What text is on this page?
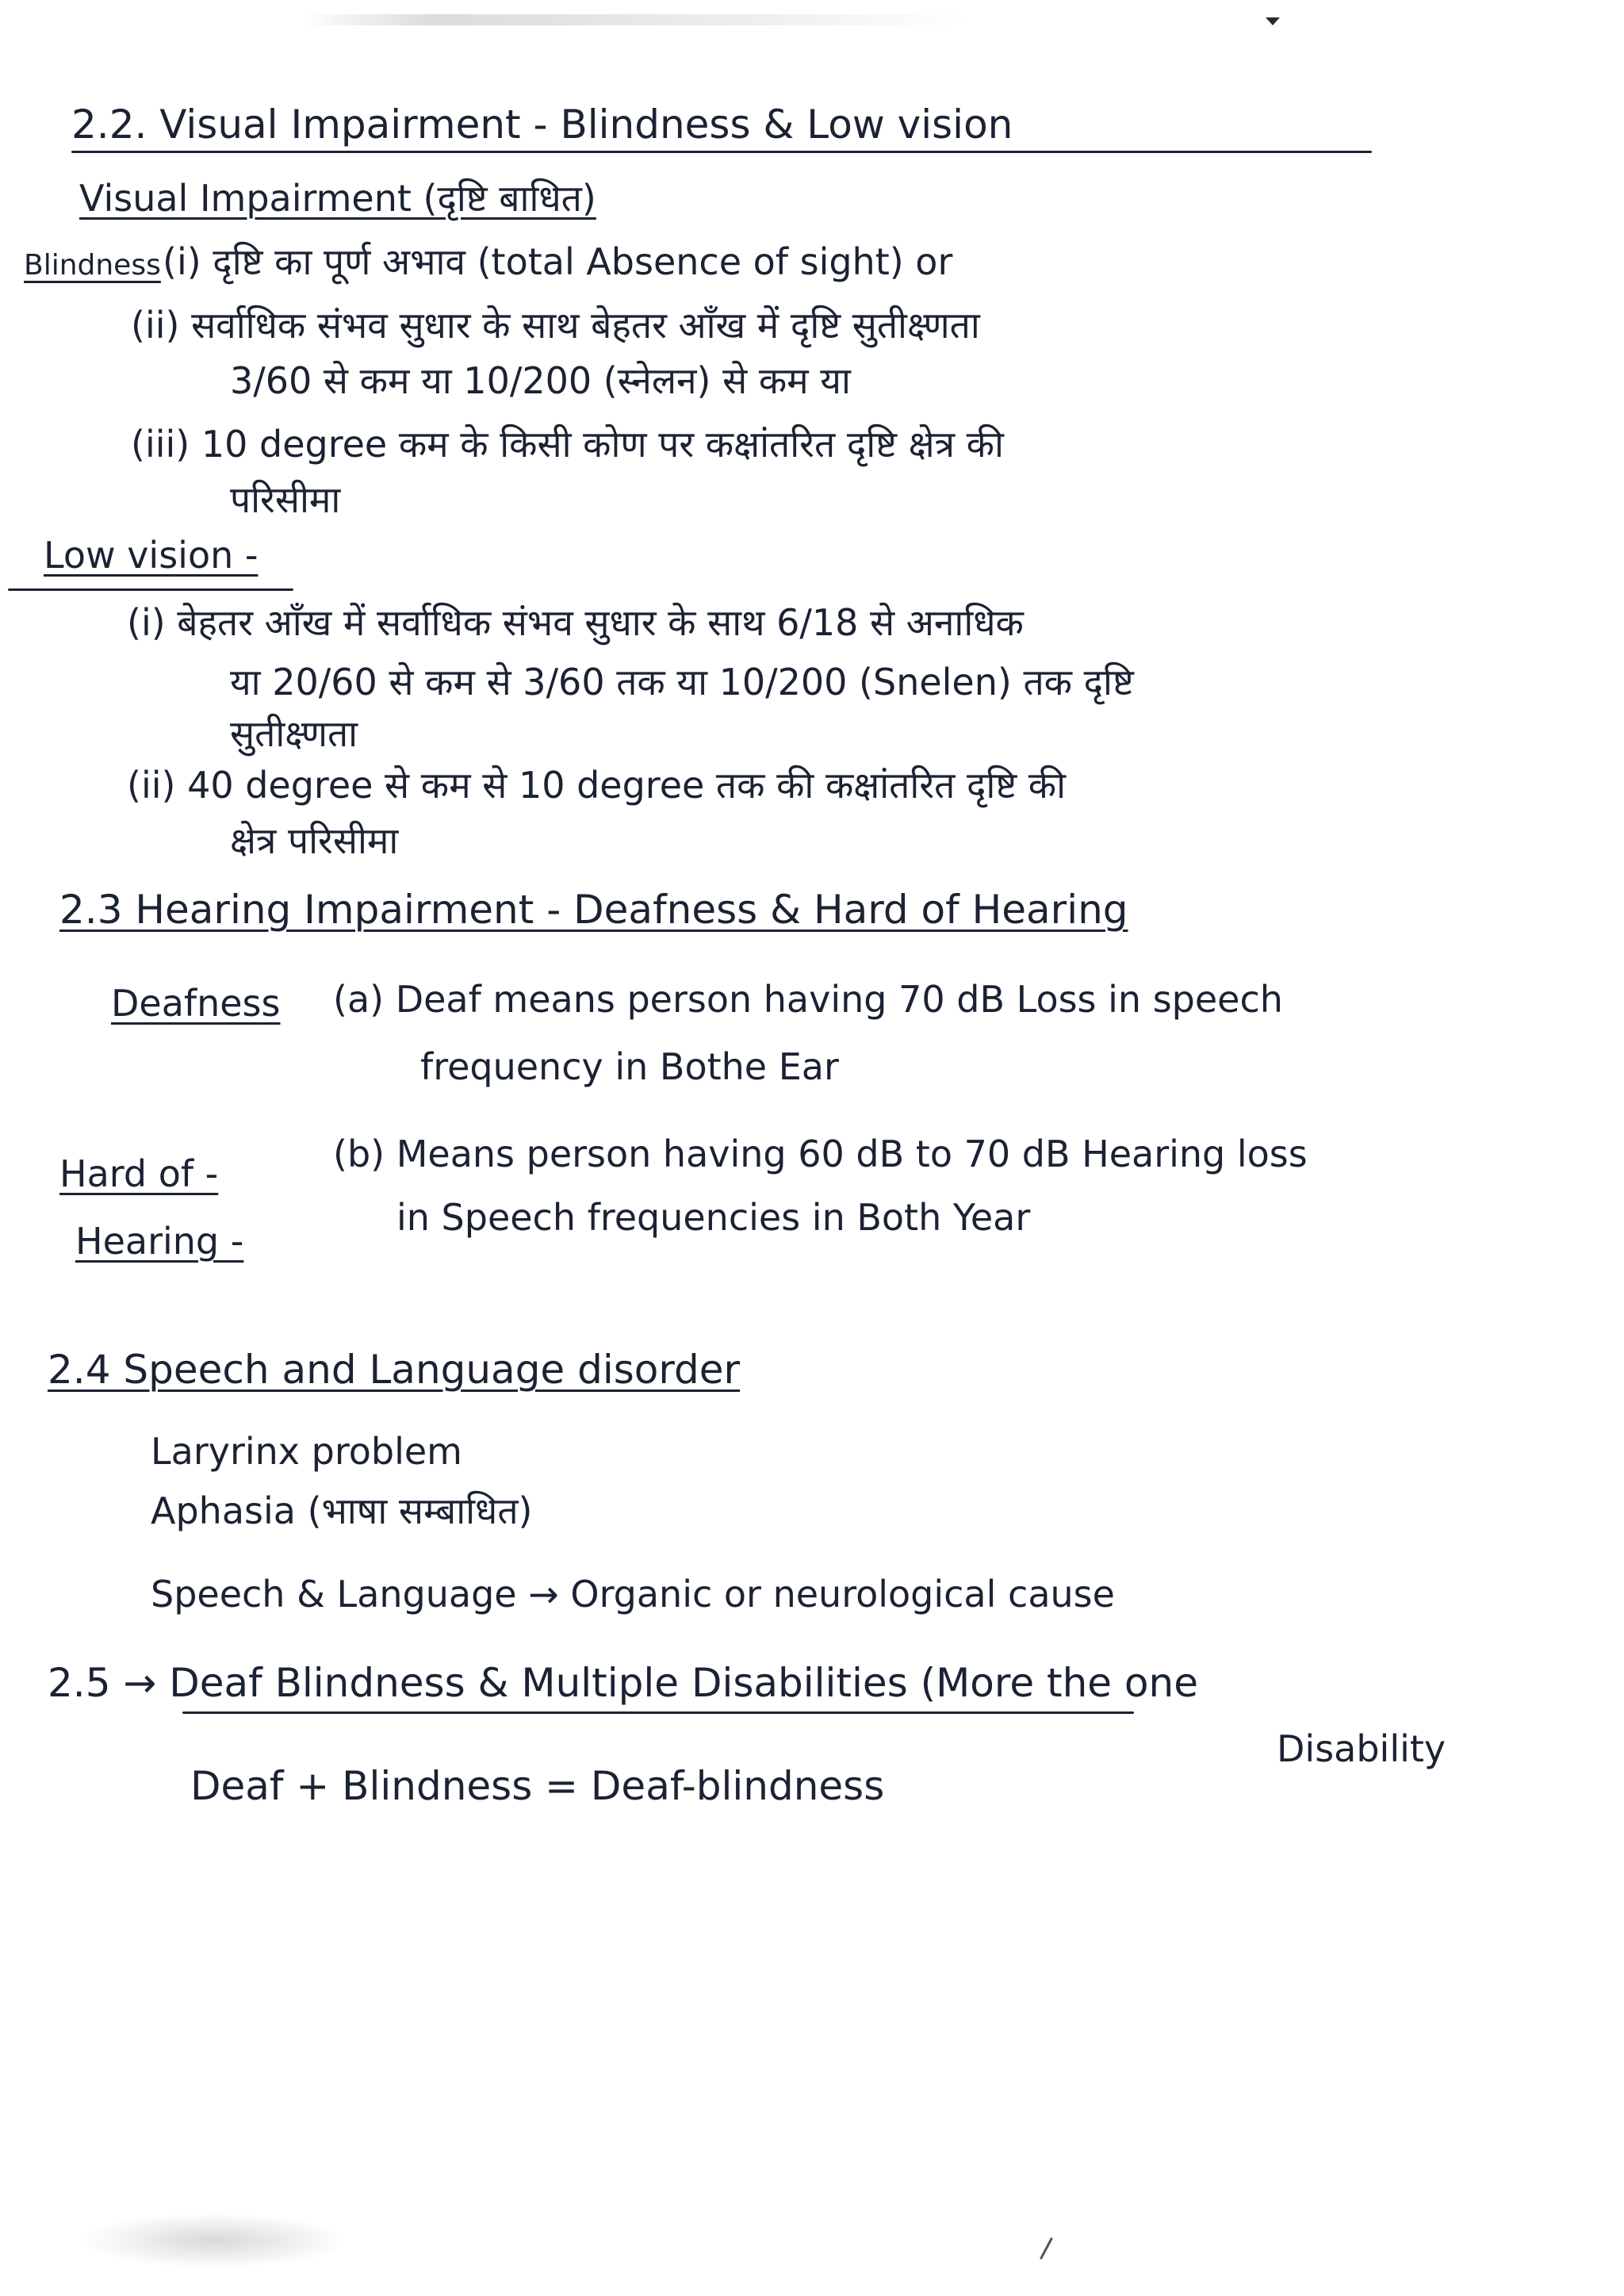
2.2. Visual Impairment - Blindness & Low vision
Visual Impairment (दृष्टि बाधित)
Blindness (i) दृष्टि का पूर्ण अभाव (total Absence of sight) or
(ii) सर्वाधिक संभव सुधार के साथ बेहतर आँख में दृष्टि सुतीक्ष्णता
3/60 से कम या 10/200 (स्नेलन) से कम या
(iii) 10 degree कम के किसी कोण पर कक्षांतरित दृष्टि क्षेत्र की
परिसीमा
Low vision -
(i) बेहतर आँख में सर्वाधिक संभव सुधार के साथ 6/18 से अनाधिक
या 20/60 से कम से 3/60 तक या 10/200 (Snelen) तक दृष्टि
सुतीक्ष्णता
(ii) 40 degree से कम से 10 degree तक की कक्षांतरित दृष्टि की
क्षेत्र परिसीमा
2.3 Hearing Impairment - Deafness & Hard of Hearing
Deafness (a) Deaf means person having 70 dB Loss in speech
frequency in Bothe Ear
Hard of -
Hearing -
(b) Means person having 60 dB to 70 dB Hearing loss
in Speech frequencies in Both Year
2.4 Speech and Language disorder
Laryrinx problem
Aphasia (भाषा सम्बाधित)
Speech & Language → Organic or neurological cause
2.5 → Deaf Blindness & Multiple Disabilities (More the one
Disability
Deaf + Blindness = Deaf-blindness
